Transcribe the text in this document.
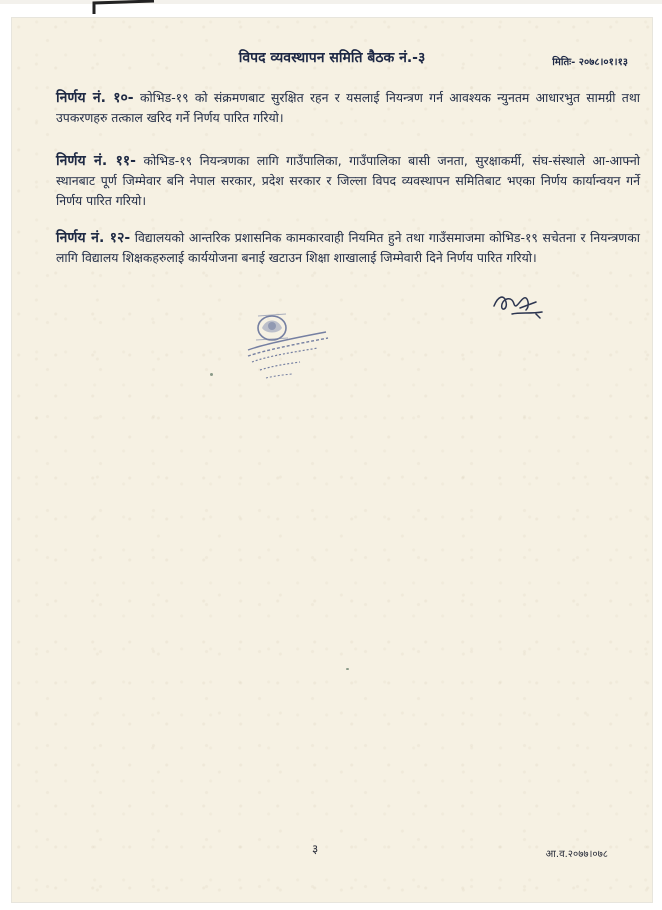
विपद व्यवस्थापन समिति बैठक नं.-३	मितिः- २०७८।०१।१३
निर्णय नं. १०- कोभिड-१९ को संक्रमणबाट सुरक्षित रहन र यसलाई नियन्त्रण गर्न आवश्यक न्युनतम आधारभुत सामग्री तथा उपकरणहरु तत्काल खरिद गर्ने निर्णय पारित गरियो।
निर्णय नं. ११- कोभिड-१९ नियन्त्रणका लागि गाउँपालिका, गाउँपालिका बासी जनता, सुरक्षाकर्मी, संघ-संस्थाले आ-आफ्नो स्थानबाट पूर्ण जिम्मेवार बनि नेपाल सरकार, प्रदेश सरकार र जिल्ला विपद व्यवस्थापन समितिबाट भएका निर्णय कार्यान्वयन गर्ने निर्णय पारित गरियो।
निर्णय नं. १२- विद्यालयको आन्तरिक प्रशासनिक कामकारवाही नियमित हुने तथा गाउँसमाजमा कोभिड-१९ सचेतना र नियन्त्रणका लागि विद्यालय शिक्षकहरुलाई कार्ययोजना बनाई खटाउन शिक्षा शाखालाई जिम्मेवारी दिने निर्णय पारित गरियो।
३	आ.व.२०७७।०७८
